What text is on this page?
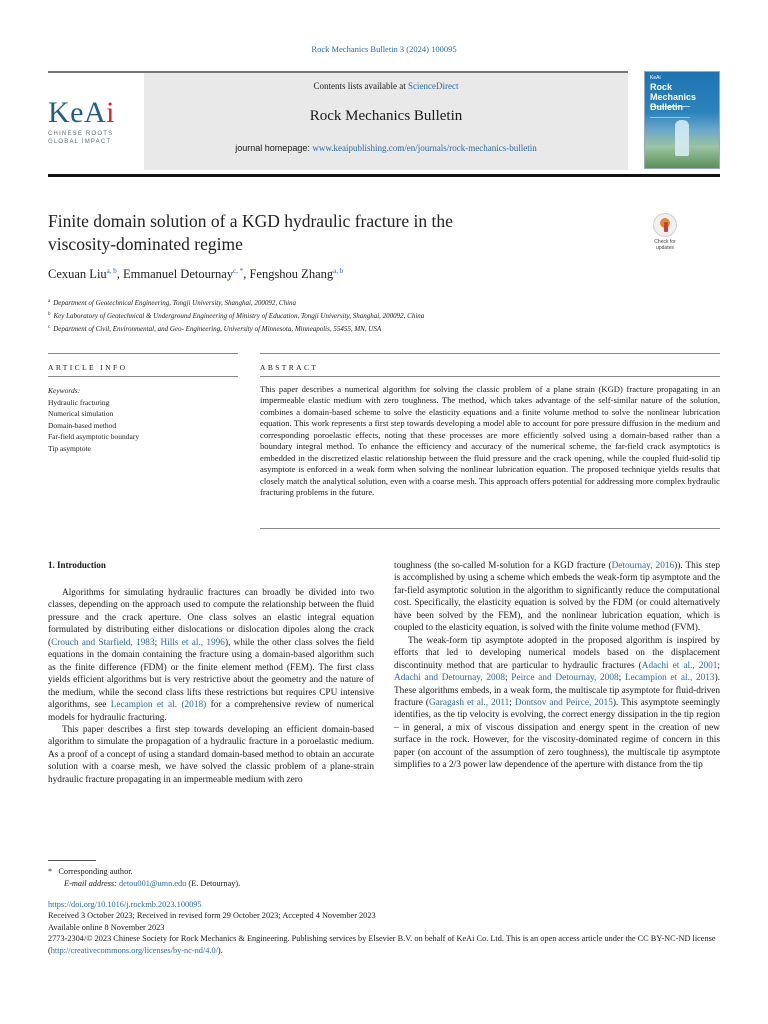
Rock Mechanics Bulletin 3 (2024) 100095
KeAi
CHINESE ROOTS
GLOBAL IMPACT
Contents lists available at ScienceDirect
Rock Mechanics Bulletin
journal homepage: www.keaipublishing.com/en/journals/rock-mechanics-bulletin
KeAi
Rock Mechanics Bulletin
Finite domain solution of a KGD hydraulic fracture in the
viscosity-dominated regime	Check for
updates
Cexuan Liu$^{a, b}$, Emmanuel Detournay$^{c, *}$, Fengshou Zhang$^{a, b}$
$^a$ Department of Geotechnical Engineering, Tongji University, Shanghai, 200092, China
$^b$ Key Laboratory of Geotechnical & Underground Engineering of Ministry of Education, Tongji University, Shanghai, 200092, China
$^c$ Department of Civil, Environmental, and Geo- Engineering, University of Minnesota, Minneapolis, 55455, MN, USA
ARTICLE INFO	ABSTRACT
Keywords:
Hydraulic fracturing
Numerical simulation
Domain-based method
Far-field asymptotic boundary
Tip asymptote
This paper describes a numerical algorithm for solving the classic problem of a plane strain (KGD) fracture propagating in an impermeable elastic medium with zero toughness. The method, which takes advantage of the self-similar nature of the solution, combines a domain-based scheme to solve the elasticity equations and a finite volume method to solve the nonlinear lubrication equation. This work represents a first step towards developing a model able to account for pore pressure diffusion in the medium and corresponding poroelastic effects, noting that these processes are more efficiently solved using a domain-based rather than a boundary integral method. To enhance the efficiency and accuracy of the numerical scheme, the far-field crack asymptotics is embedded in the discretized elastic relationship between the fluid pressure and the crack opening, while the coupled fluid-solid tip asymptote is enforced in a weak form when solving the nonlinear lubrication equation. The proposed technique yields results that closely match the analytical solution, even with a coarse mesh. This approach offers potential for addressing more complex hydraulic fracturing problems in the future.
1. Introduction

Algorithms for simulating hydraulic fractures can broadly be divided into two classes, depending on the approach used to compute the relationship between the fluid pressure and the crack aperture. One class solves an elastic integral equation formulated by distributing either dislocations or dislocation dipoles along the crack (Crouch and Starfield, 1983; Hills et al., 1996), while the other class solves the field equations in the domain containing the fracture using a domain-based algorithm such as the finite difference (FDM) or the finite element method (FEM). The first class yields efficient algorithms but is very restrictive about the geometry and the nature of the medium, while the second class lifts these restrictions but requires CPU intensive algorithms, see Lecampion et al. (2018) for a comprehensive review of numerical models for hydraulic fracturing.

This paper describes a first step towards developing an efficient domain-based algorithm to simulate the propagation of a hydraulic fracture in a poroelastic medium. As a proof of a concept of using a standard domain-based method to obtain an accurate solution with a coarse mesh, we have solved the classic problem of a plane-strain hydraulic fracture propagating in an impermeable medium with zero

toughness (the so-called M-solution for a KGD fracture (Detournay, 2016)). This step is accomplished by using a scheme which embeds the weak-form tip asymptote and the far-field asymptotic solution in the algorithm to significantly reduce the computational cost. Specifically, the elasticity equation is solved by the FDM (or could alternatively have been solved by the FEM), and the nonlinear lubrication equation, which is coupled to the elasticity equation, is solved with the finite volume method (FVM).

The weak-form tip asymptote adopted in the proposed algorithm is inspired by efforts that led to developing numerical models based on the displacement discontinuity method that are particular to hydraulic fractures (Adachi et al., 2001; Adachi and Detournay, 2008; Peirce and Detournay, 2008; Lecampion et al., 2013). These algorithms embeds, in a weak form, the multiscale tip asymptote for fluid-driven fracture (Garagash et al., 2011; Dontsov and Peirce, 2015). This asymptote seemingly identifies, as the tip velocity is evolving, the correct energy dissipation in the tip region – in general, a mix of viscous dissipation and energy spent in the creation of new surface in the rock. However, for the viscosity-dominated regime of concern in this paper (on account of the assumption of zero toughness), the multiscale tip asymptote simplifies to a 2/3 power law dependence of the aperture with distance from the tip

* Corresponding author.
E-mail address: detou001@umn.edu (E. Detournay).
https://doi.org/10.1016/j.rockmb.2023.100095
Received 3 October 2023; Received in revised form 29 October 2023; Accepted 4 November 2023
Available online 8 November 2023
2773-2304/© 2023 Chinese Society for Rock Mechanics & Engineering. Publishing services by Elsevier B.V. on behalf of KeAi Co. Ltd. This is an open access article under the CC BY-NC-ND license (http://creativecommons.org/licenses/by-nc-nd/4.0/).
